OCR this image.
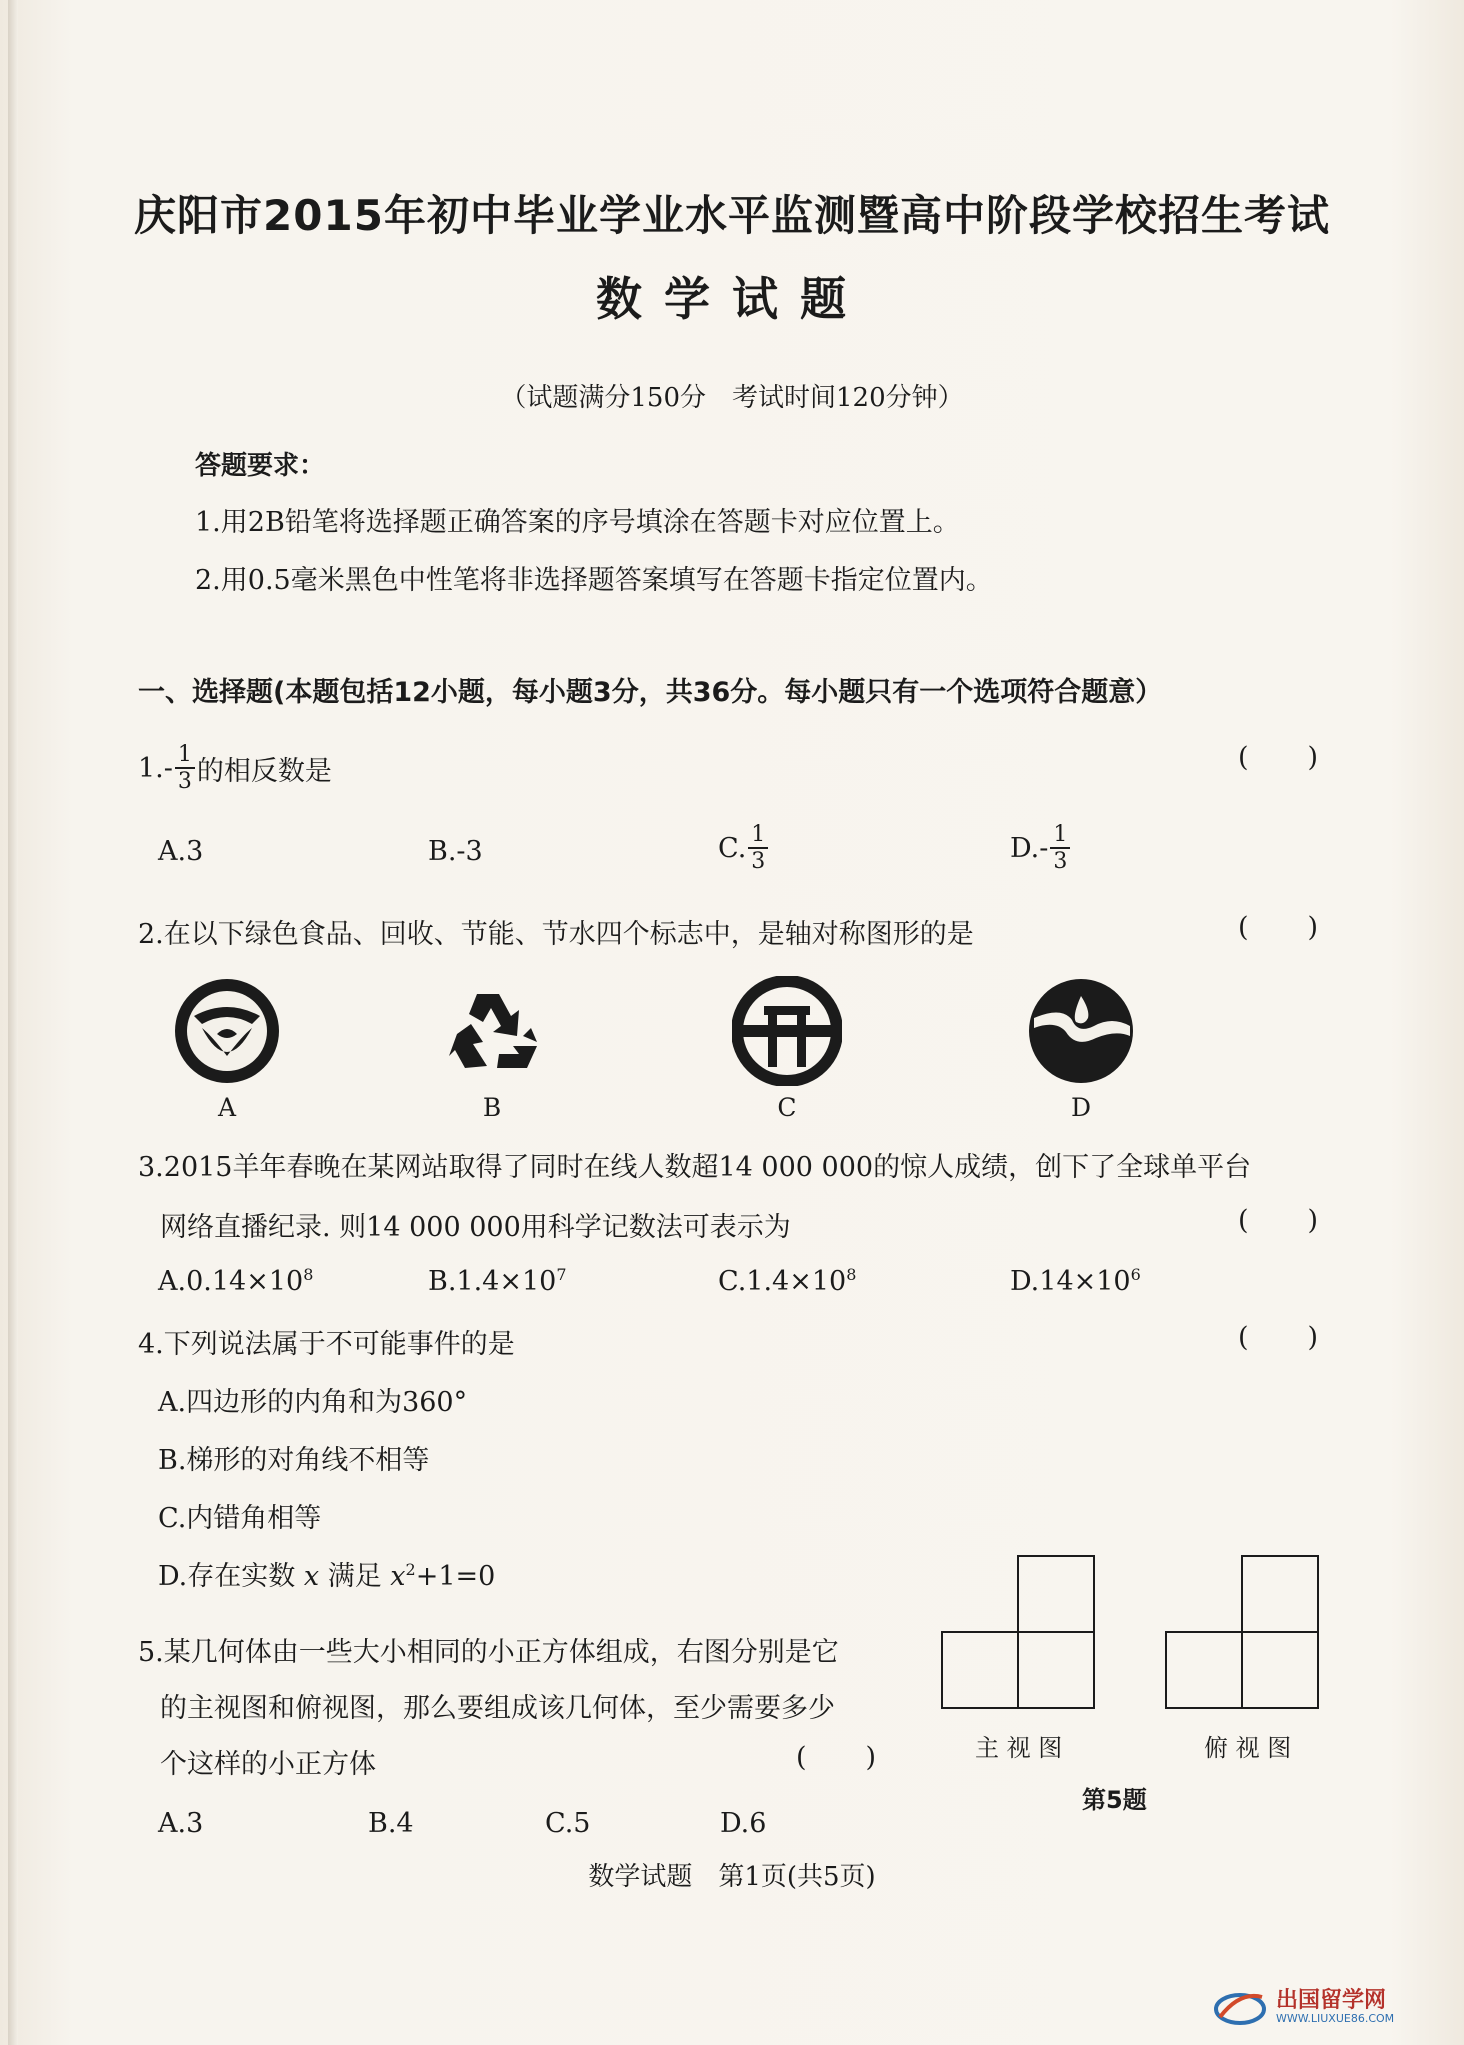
庆阳市2015年初中毕业学业水平监测暨高中阶段学校招生考试
数学试题
（试题满分150分　考试时间120分钟）
答题要求：
1.用2B铅笔将选择题正确答案的序号填涂在答题卡对应位置上。
2.用0.5毫米黑色中性笔将非选择题答案填写在答题卡指定位置内。
一、选择题(本题包括12小题，每小题3分，共36分。每小题只有一个选项符合题意）
$1.- \frac{1}{3}$ 的相反数是	( )
A.3	B.-3	C. $\frac{1}{3}$	$D.- \frac{1}{3}$
2.在以下绿色食品、回收、节能、节水四个标志中，是轴对称图形的是	( )
A	B	C	D
3.2015羊年春晚在某网站取得了同时在线人数超14 000 000的惊人成绩，创下了全球单平台
网络直播纪录. 则14 000 000用科学记数法可表示为	( )
$A.0.14\times 10^8$	$B.1.4\times 10^7$	$C.1.4\times 10^8$	$D.14\times 10^6$
4.下列说法属于不可能事件的是	( )
A.四边形的内角和为360°
B.梯形的对角线不相等
C.内错角相等
D.存在实数 x 满足 $x^2+1=0$
5.某几何体由一些大小相同的小正方体组成，右图分别是它
的主视图和俯视图，那么要组成该几何体，至少需要多少
个这样的小正方体	( )
A.3	B.4	C.5	D.6
主 视 图	俯 视 图
第5题
数学试题　第1页(共5页)
出国留学网
WWW.LIUXUE86.COM
